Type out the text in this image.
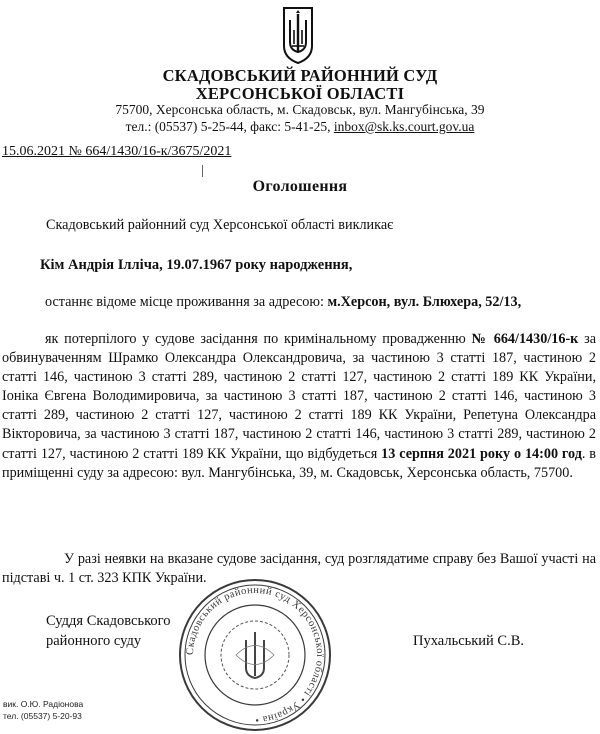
СКАДОВСЬКИЙ РАЙОННИЙ СУД
ХЕРСОНСЬКОЇ ОБЛАСТІ
75700, Херсонська область, м. Скадовськ, вул. Мангубінська, 39
тел.: (05537) 5-25-44, факс: 5-41-25, inbox@sk.ks.court.gov.ua
15.06.2021 № 664/1430/16-к/3675/2021
Оголошення
Скадовський районний суд Херсонської області викликає
Кім Андрія Ілліча, 19.07.1967 року народження,
останнє відоме місце проживання за адресою: м.Херсон, вул. Блюхера, 52/13,
як потерпілого у судове засідання по кримінальному провадженню № 664/1430/16-к за обвинуваченням Шрамко Олександра Олександровича, за частиною 3 статті 187, частиною 2 статті 146, частиною 3 статті 289, частиною 2 статті 127, частиною 2 статті 189 КК України, Іоніка Євгена Володимировича, за частиною 3 статті 187, частиною 2 статті 146, частиною 3 статті 289, частиною 2 статті 127, частиною 2 статті 189 КК України, Репетуна Олександра Вікторовича, за частиною 3 статті 187, частиною 2 статті 146, частиною 3 статті 289, частиною 2 статті 127, частиною 2 статті 189 КК України, що відбудеться 13 серпня 2021 року о 14:00 год. в приміщенні суду за адресою: вул. Мангубінська, 39, м. Скадовськ, Херсонська область, 75700.
У разі неявки на вказане судове засідання, суд розглядатиме справу без Вашої участі на підставі ч. 1 ст. 323 КПК України.
Суддя Скадовського
районного суду	Пухальський С.В.
Скадовський районний суд Херсонської області • Україна •
вик. О.Ю. Радіонова
тел. (05537) 5-20-93
